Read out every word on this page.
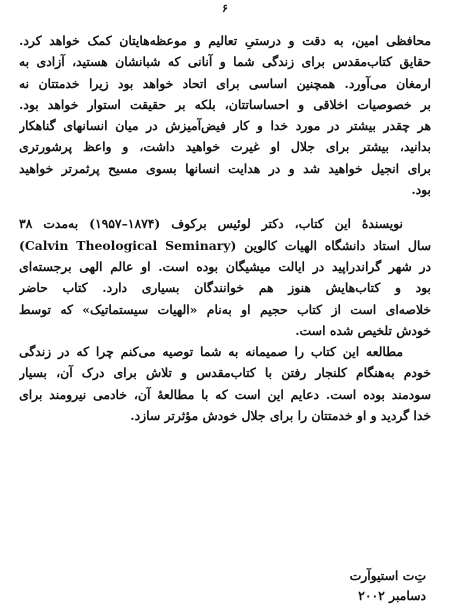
۶
محافظی امین، به دقت و درستیِ تعالیم و موعظه‌هایتان کمک خواهد کرد.
حقایق کتاب‌مقدس برای زندگی شما و آنانی که شبانشان هستید، آزادی به
ارمغان می‌آورد. همچنین اساسی برای اتحاد خواهد بود زیرا خدمتتان نه
بر خصوصیات اخلاقی و احساساتتان، بلکه بر حقیقت استوار خواهد بود.
هر چقدر بیشتر در مورد خدا و کار فیض‌آمیزش در میان انسانهای گناهکار
بدانید، بیشتر برای جلال او غیرت خواهید داشت، و واعظ پرشورتری
برای انجیل خواهید شد و در هدایت انسانها بسوی مسیح پرثمرتر خواهید
بود.
نویسندهٔ این کتاب، دکتر لوئیس برکوف (۱۸۷۴–۱۹۵۷) به‌مدت ۳۸
سال استاد دانشگاه الهیات کالوین (Calvin Theological Seminary)
در شهر گراندراپید در ایالت میشیگان بوده است. او عالم الهی برجسته‌ای
بود و کتاب‌هایش هنوز هم خوانندگان بسیاری دارد. کتاب حاضر
خلاصه‌ای است از کتاب حجیم او به‌نام «الهیات سیستماتیک» که توسط
خودش تلخیص شده است.
مطالعه این کتاب را صمیمانه به شما توصیه می‌کنم چرا که در زندگی
خودم به‌هنگام کلنجار رفتن با کتاب‌مقدس و تلاش برای درک آن، بسیار
سودمند بوده است. دعایم این است که با مطالعهٔ آن، خادمی نیرومند برای
خدا گردید و او خدمتتان را برای جلال خودش مؤثرتر سازد.
تِ‌ت استیوآرت
دسامبر ۲۰۰۲
